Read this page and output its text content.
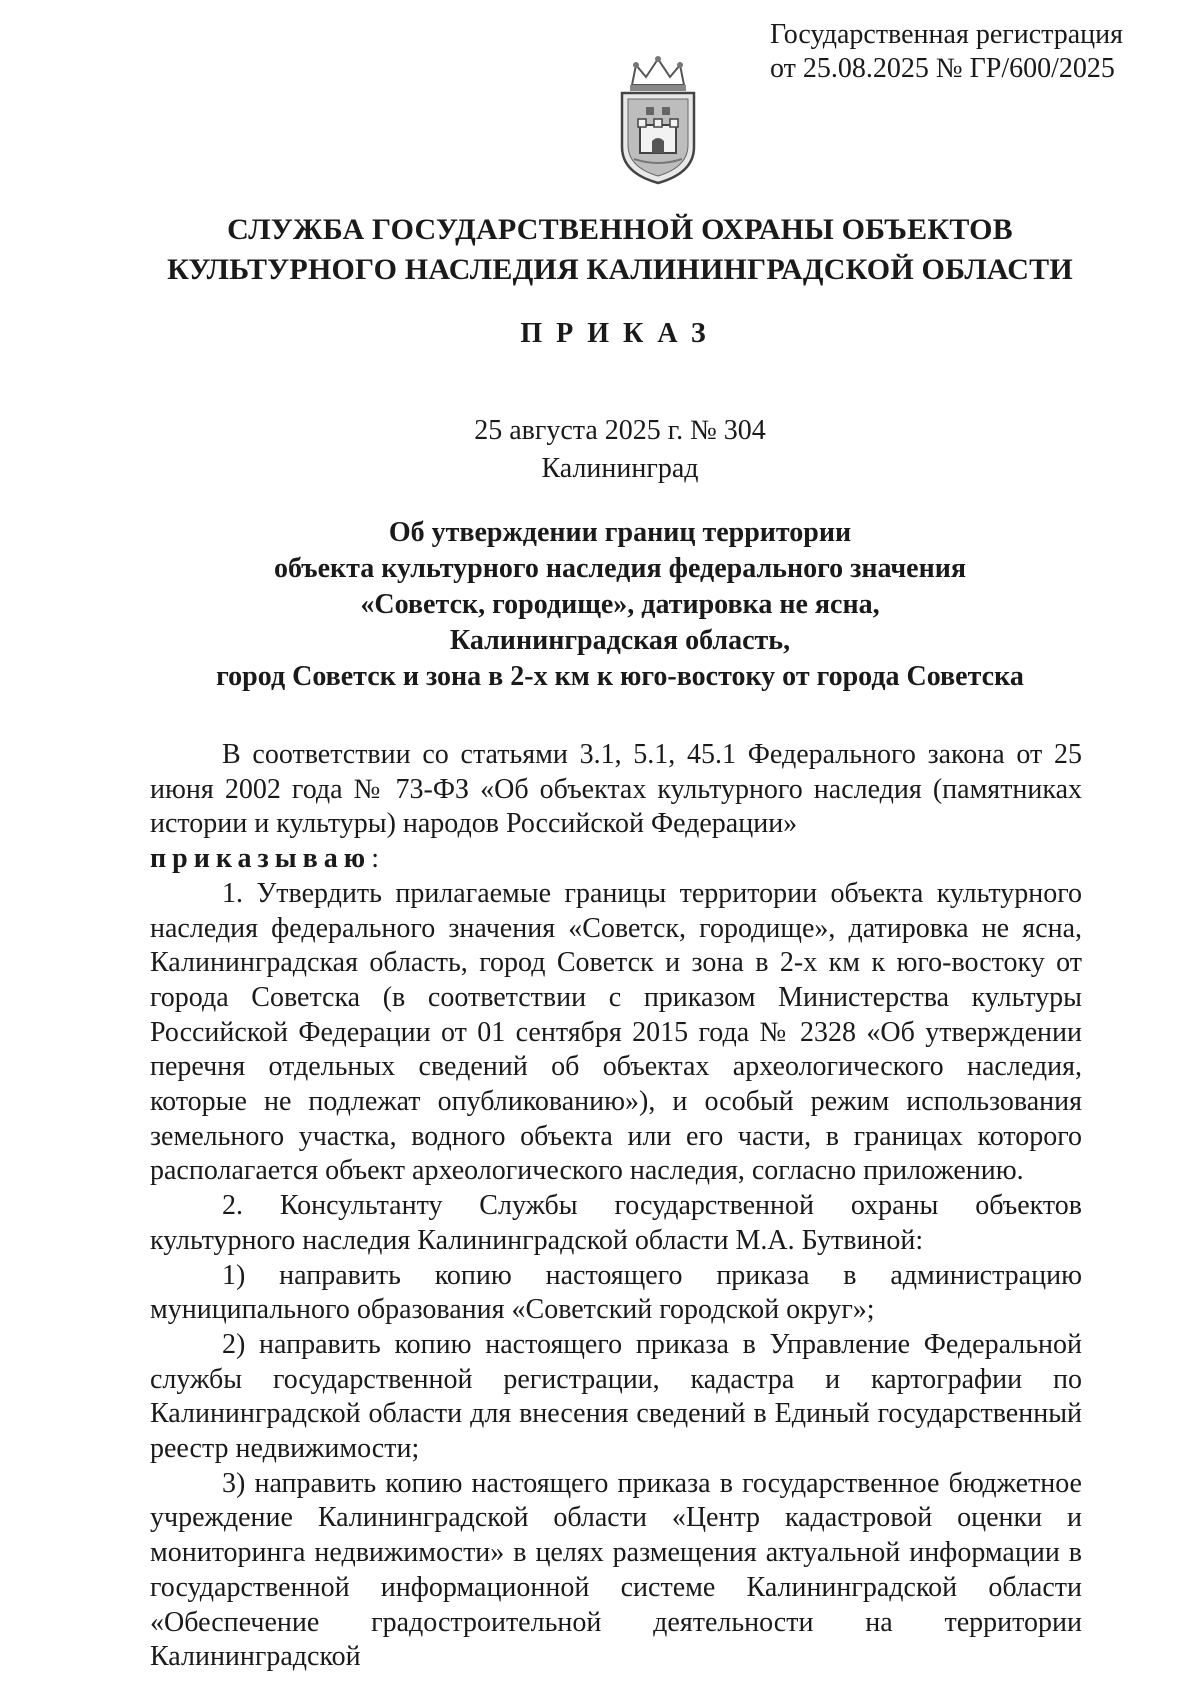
Государственная регистрация
от 25.08.2025 № ГР/600/2025
СЛУЖБА ГОСУДАРСТВЕННОЙ ОХРАНЫ ОБЪЕКТОВ
КУЛЬТУРНОГО НАСЛЕДИЯ КАЛИНИНГРАДСКОЙ ОБЛАСТИ
ПРИКАЗ
25 августа 2025 г. № 304
Калининград
Об утверждении границ территории
объекта культурного наследия федерального значения
«Советск, городище», датировка не ясна,
Калининградская область,
город Советск и зона в 2-х км к юго-востоку от города Советска

В соответствии со статьями 3.1, 5.1, 45.1 Федерального закона от 25 июня 2002 года № 73-ФЗ «Об объектах культурного наследия (памятниках истории и культуры) народов Российской Федерации»
приказываю:

1. Утвердить прилагаемые границы территории объекта культурного наследия федерального значения «Советск, городище», датировка не ясна, Калининградская область, город Советск и зона в 2-х км к юго-востоку от города Советска (в соответствии с приказом Министерства культуры Российской Федерации от 01 сентября 2015 года № 2328 «Об утверждении перечня отдельных сведений об объектах археологического наследия, которые не подлежат опубликованию»), и особый режим использования земельного участка, водного объекта или его части, в границах которого располагается объект археологического наследия, согласно приложению.

2. Консультанту Службы государственной охраны объектов культурного наследия Калининградской области М.А. Бутвиной:

1) направить копию настоящего приказа в администрацию муниципального образования «Советский городской округ»;

2) направить копию настоящего приказа в Управление Федеральной службы государственной регистрации, кадастра и картографии по Калининградской области для внесения сведений в Единый государственный реестр недвижимости;

3) направить копию настоящего приказа в государственное бюджетное учреждение Калининградской области «Центр кадастровой оценки и мониторинга недвижимости» в целях размещения актуальной информации в государственной информационной системе Калининградской области «Обеспечение градостроительной деятельности на территории Калининградской
